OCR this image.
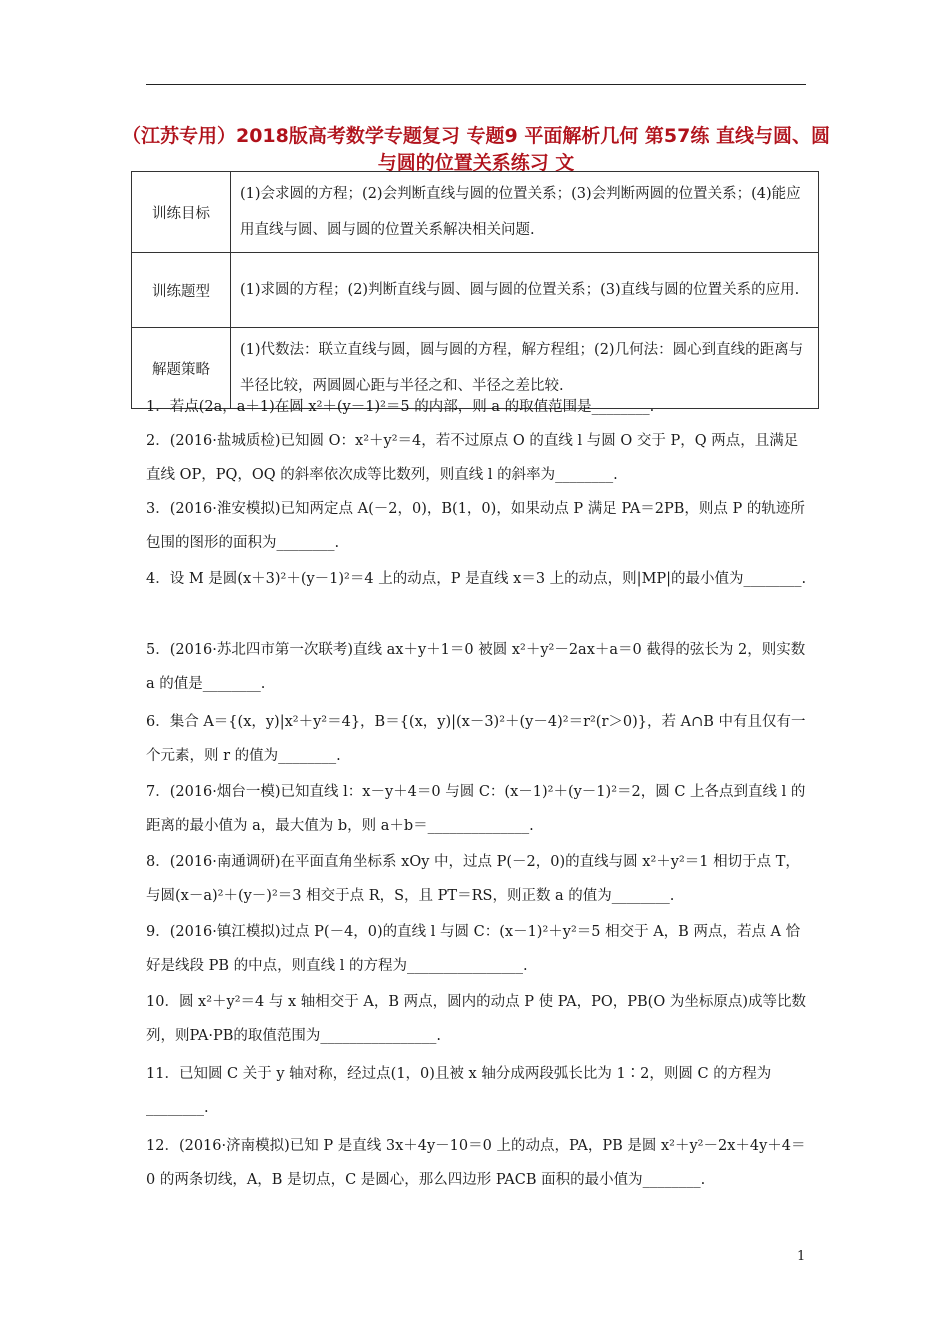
（江苏专用）2018版高考数学专题复习 专题9 平面解析几何 第57练 直线与圆、圆与圆的位置关系练习 文
训练目标	(1)会求圆的方程；(2)会判断直线与圆的位置关系；(3)会判断两圆的位置关系；(4)能应用直线与圆、圆与圆的位置关系解决相关问题.
训练题型	(1)求圆的方程；(2)判断直线与圆、圆与圆的位置关系；(3)直线与圆的位置关系的应用.
解题策略	(1)代数法：联立直线与圆，圆与圆的方程，解方程组；(2)几何法：圆心到直线的距离与半径比较，两圆圆心距与半径之和、半径之差比较.

1．若点(2a，a＋1)在圆 x²＋(y－1)²＝5 的内部，则 a 的取值范围是________.

2．(2016·盐城质检)已知圆 O：x²＋y²＝4，若不过原点 O 的直线 l 与圆 O 交于 P，Q 两点，且满足直线 OP，PQ，OQ 的斜率依次成等比数列，则直线 l 的斜率为________.

3．(2016·淮安模拟)已知两定点 A(－2，0)，B(1，0)，如果动点 P 满足 PA＝2PB，则点 P 的轨迹所包围的图形的面积为________.

4．设 M 是圆(x＋3)²＋(y－1)²＝4 上的动点，P 是直线 x＝3 上的动点，则|MP|的最小值为________.

5．(2016·苏北四市第一次联考)直线 ax＋y＋1＝0 被圆 x²＋y²－2ax＋a＝0 截得的弦长为 2，则实数 a 的值是________.

6．集合 A＝{(x，y)|x²＋y²＝4}，B＝{(x，y)|(x－3)²＋(y－4)²＝r²(r＞0)}，若 A∩B 中有且仅有一个元素，则 r 的值为________.

7．(2016·烟台一模)已知直线 l：x－y＋4＝0 与圆 C：(x－1)²＋(y－1)²＝2，圆 C 上各点到直线 l 的距离的最小值为 a，最大值为 b，则 a＋b＝______________.

8．(2016·南通调研)在平面直角坐标系 xOy 中，过点 P(－2，0)的直线与圆 x²＋y²＝1 相切于点 T，与圆(x－a)²＋(y－)²＝3 相交于点 R，S，且 PT＝RS，则正数 a 的值为________.

9．(2016·镇江模拟)过点 P(－4，0)的直线 l 与圆 C：(x－1)²＋y²＝5 相交于 A，B 两点，若点 A 恰好是线段 PB 的中点，则直线 l 的方程为________________.

10．圆 x²＋y²＝4 与 x 轴相交于 A，B 两点，圆内的动点 P 使 PA，PO，PB(O 为坐标原点)成等比数列，则PA·PB的取值范围为________________.

11．已知圆 C 关于 y 轴对称，经过点(1，0)且被 x 轴分成两段弧长比为 1∶2，则圆 C 的方程为________.

12．(2016·济南模拟)已知 P 是直线 3x＋4y－10＝0 上的动点，PA，PB 是圆 x²＋y²－2x＋4y＋4＝0 的两条切线，A，B 是切点，C 是圆心，那么四边形 PACB 面积的最小值为________.

1
